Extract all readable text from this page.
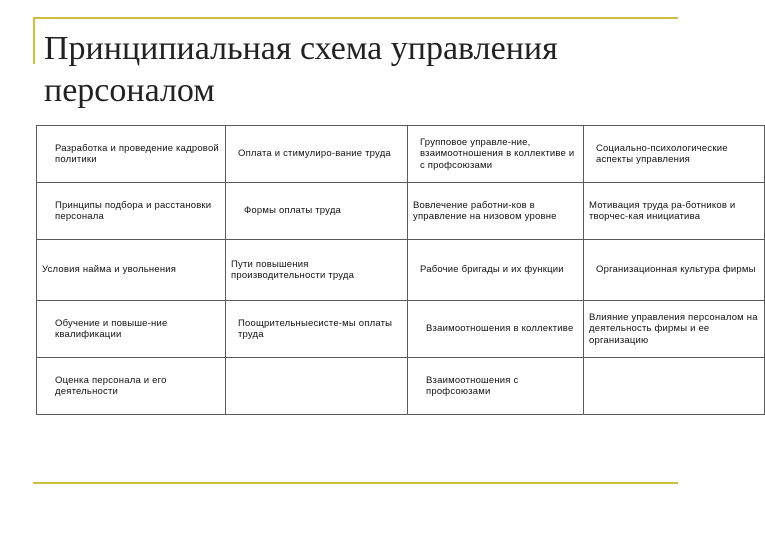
Принципиальная схема управления персоналом
Разработка и проведение кадровой политики	Оплата и стимулиро-вание труда	Групповое управле-ние, взаимоотношения в коллективе и с профсоюзами	Социально-психологические аспекты управления
Принципы подбора и расстановки персонала	Формы оплаты труда	Вовлечение работни-ков в управление на низовом уровне	Мотивация труда ра-ботников и творчес-кая инициатива
Условия найма и увольнения	Пути повышения производительности труда	Рабочие бригады и их функции	Организационная культура фирмы
Обучение и повыше-ние квалификации	Поощрительныесисте-мы оплаты труда	Взаимоотношения в коллективе	Влияние управления персоналом на деятельность фирмы и ее организацию
Оценка персонала и его деятельности		Взаимоотношения с профсоюзами	
